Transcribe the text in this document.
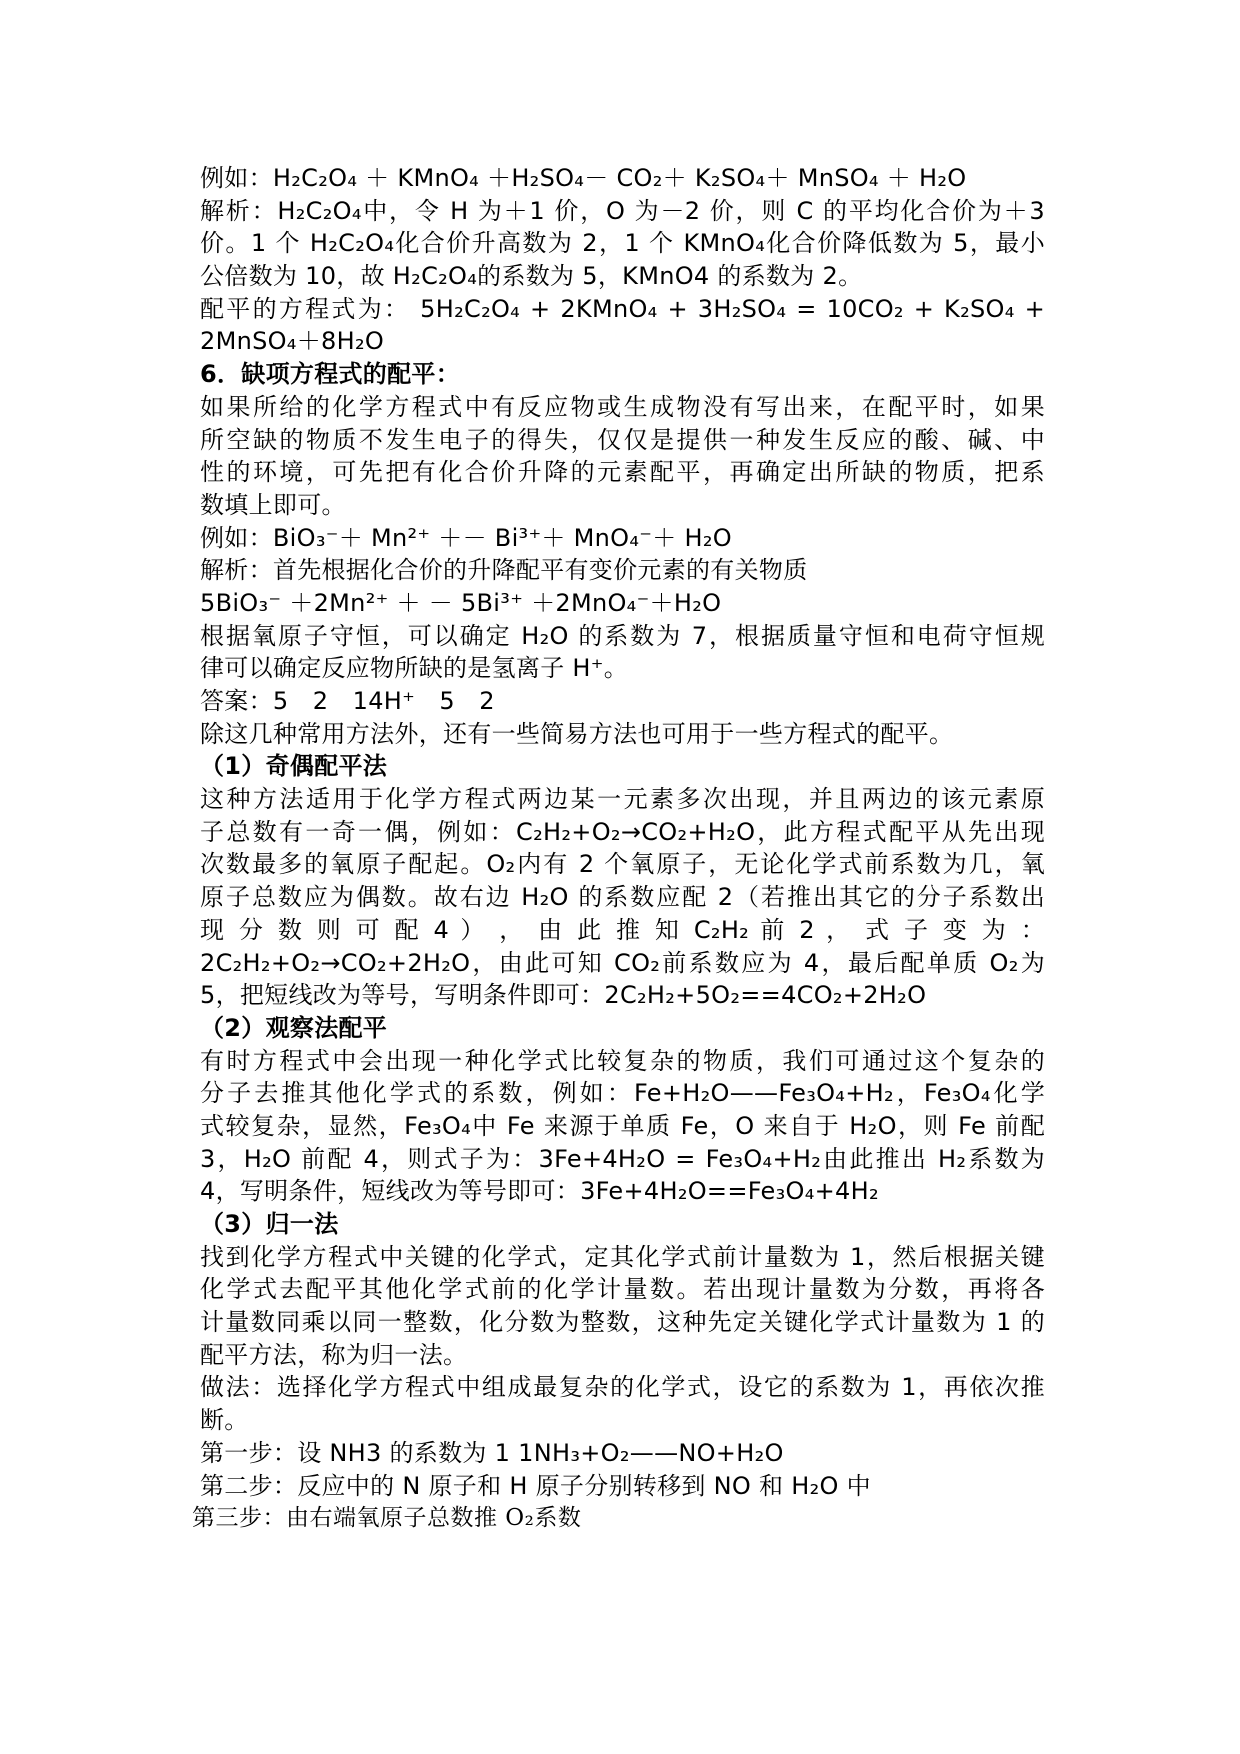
例如：H₂C₂O₄ ＋ KMnO₄ ＋H₂SO₄－ CO₂＋ K₂SO₄＋ MnSO₄ ＋ H₂O
解析：H₂C₂O₄中，令 H 为＋1 价，O 为－2 价，则 C 的平均化合价为＋3
价。1 个 H₂C₂O₄化合价升高数为 2，1 个 KMnO₄化合价降低数为 5，最小
公倍数为 10，故 H₂C₂O₄的系数为 5，KMnO4 的系数为 2。
配平的方程式为： 5H₂C₂O₄ + 2KMnO₄ + 3H₂SO₄ = 10CO₂ + K₂SO₄ +
2MnSO₄＋8H₂O
6．缺项方程式的配平：
如果所给的化学方程式中有反应物或生成物没有写出来，在配平时，如果
所空缺的物质不发生电子的得失，仅仅是提供一种发生反应的酸、碱、中
性的环境，可先把有化合价升降的元素配平，再确定出所缺的物质，把系
数填上即可。
例如：BiO₃⁻＋ Mn²⁺ ＋－ Bi³⁺＋ MnO₄⁻＋ H₂O
解析：首先根据化合价的升降配平有变价元素的有关物质
5BiO₃⁻ ＋2Mn²⁺ ＋ － 5Bi³⁺ ＋2MnO₄⁻＋H₂O
根据氧原子守恒，可以确定 H₂O 的系数为 7，根据质量守恒和电荷守恒规
律可以确定反应物所缺的是氢离子 H⁺。
答案：5　2　14H⁺　5　2
除这几种常用方法外，还有一些简易方法也可用于一些方程式的配平。
（1）奇偶配平法
这种方法适用于化学方程式两边某一元素多次出现，并且两边的该元素原
子总数有一奇一偶，例如：C₂H₂+O₂→CO₂+H₂O，此方程式配平从先出现
次数最多的氧原子配起。O₂内有 2 个氧原子，无论化学式前系数为几，氧
原子总数应为偶数。故右边 H₂O 的系数应配 2（若推出其它的分子系数出
现 分 数 则 可 配 4 ） ， 由 此 推 知 C₂H₂ 前 2 ， 式 子 变 为 ：
2C₂H₂+O₂→CO₂+2H₂O，由此可知 CO₂前系数应为 4，最后配单质 O₂为
5，把短线改为等号，写明条件即可：2C₂H₂+5O₂==4CO₂+2H₂O
（2）观察法配平
有时方程式中会出现一种化学式比较复杂的物质，我们可通过这个复杂的
分子去推其他化学式的系数，例如：Fe+H₂O——Fe₃O₄+H₂，Fe₃O₄化学
式较复杂，显然，Fe₃O₄中 Fe 来源于单质 Fe，O 来自于 H₂O，则 Fe 前配
3，H₂O 前配 4，则式子为：3Fe+4H₂O = Fe₃O₄+H₂由此推出 H₂系数为
4，写明条件，短线改为等号即可：3Fe+4H₂O==Fe₃O₄+4H₂
（3）归一法
找到化学方程式中关键的化学式，定其化学式前计量数为 1，然后根据关键
化学式去配平其他化学式前的化学计量数。若出现计量数为分数，再将各
计量数同乘以同一整数，化分数为整数，这种先定关键化学式计量数为 1 的
配平方法，称为归一法。
做法：选择化学方程式中组成最复杂的化学式，设它的系数为 1，再依次推
断。
第一步：设 NH3 的系数为 1 1NH₃+O₂——NO+H₂O
第二步：反应中的 N 原子和 H 原子分别转移到 NO 和 H₂O 中
第三步：由右端氧原子总数推 O₂系数
